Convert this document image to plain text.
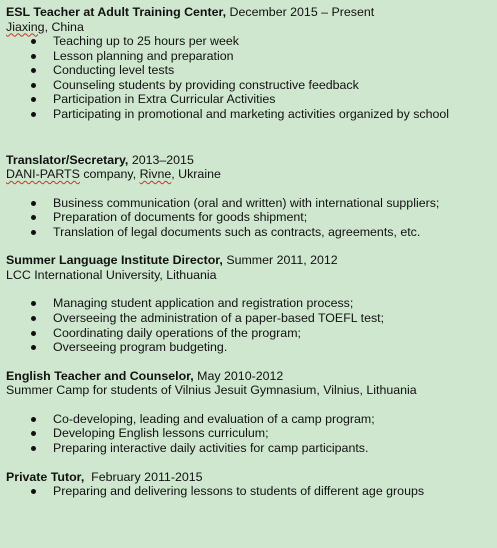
ESL Teacher at Adult Training Center, December 2015 – Present
Jiaxing, China
Teaching up to 25 hours per week
Lesson planning and preparation
Conducting level tests
Counseling students by providing constructive feedback
Participation in Extra Curricular Activities
Participating in promotional and marketing activities organized by school
Translator/Secretary, 2013–2015
DANI-PARTS company, Rivne, Ukraine
Business communication (oral and written) with international suppliers;
Preparation of documents for goods shipment;
Translation of legal documents such as contracts, agreements, etc.
Summer Language Institute Director, Summer 2011, 2012
LCC International University, Lithuania
Managing student application and registration process;
Overseeing the administration of a paper-based TOEFL test;
Coordinating daily operations of the program;
Overseeing program budgeting.
English Teacher and Counselor, May 2010-2012
Summer Camp for students of Vilnius Jesuit Gymnasium, Vilnius, Lithuania
Co-developing, leading and evaluation of a camp program;
Developing English lessons curriculum;
Preparing interactive daily activities for camp participants.
Private Tutor,  February 2011-2015
Preparing and delivering lessons to students of different age groups
